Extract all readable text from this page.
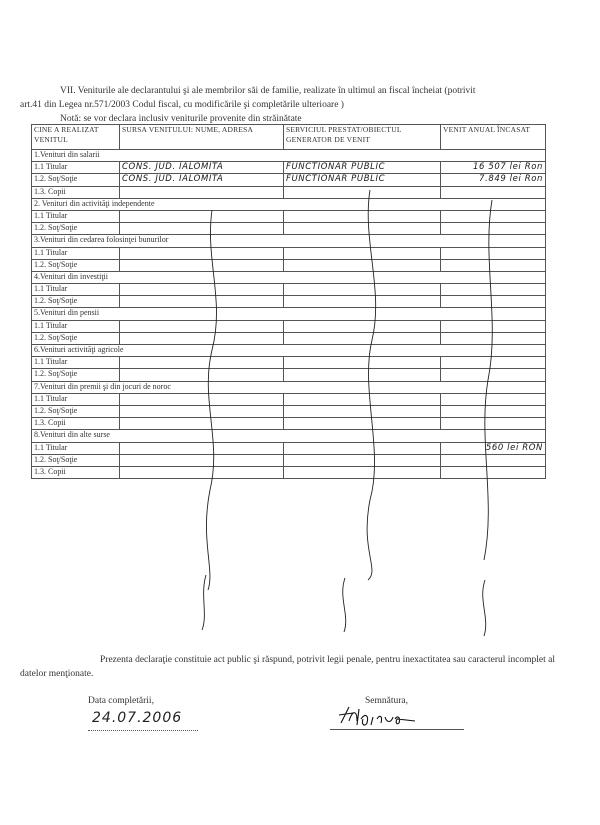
VII. Veniturile ale declarantului şi ale membrilor săi de familie, realizate în ultimul an fiscal încheiat (potrivit

art.41 din Legea nr.571/2003 Codul fiscal, cu modificările şi completările ulterioare )

Notă: se vor declara inclusiv veniturile provenite din străinătate

CINE A REALIZAT VENITUL	SURSA VENITULUI: NUME, ADRESA	SERVICIUL PRESTAT/OBIECTUL GENERATOR DE VENIT	VENIT ANUAL ÎNCASAT
1.Venituri din salarii			
1.1 Titular	CONS. JUD. IALOMITA	FUNCTIONAR PUBLIC	16 507 lei Ron
1.2. Soţ/Soţie	CONS. JUD. IALOMITA	FUNCTIONAR PUBLIC	7.849 lei Ron
1.3. Copii			
2. Venituri din activităţi independente			
1.1 Titular			
1.2. Soţ/Soţie			
3.Venituri din cedarea folosinţei bunurilor			
1.1 Titular			
1.2. Soţ/Soţie			
4.Venituri din investiţii			
1.1 Titular			
1.2. Soţ/Soţie			
5.Venituri din pensii			
1.1 Titular			
1.2. Soţ/Soţie			
6.Venituri activităţi agricole			
1.1 Titular			
1.2. Soţ/Soţie			
7.Venituri din premii şi din jocuri de noroc			
1.1 Titular			
1.2. Soţ/Soţie			
1.3. Copii			
8.Venituri din alte surse			
1.1 Titular			560 lei RON
1.2. Soţ/Soţie			
1.3. Copii			

Prezenta declaraţie constituie act public şi răspund, potrivit legii penale, pentru inexactitatea sau caracterul incomplet al datelor menţionate.

Data completării,
24.07.2006
Semnătura,
